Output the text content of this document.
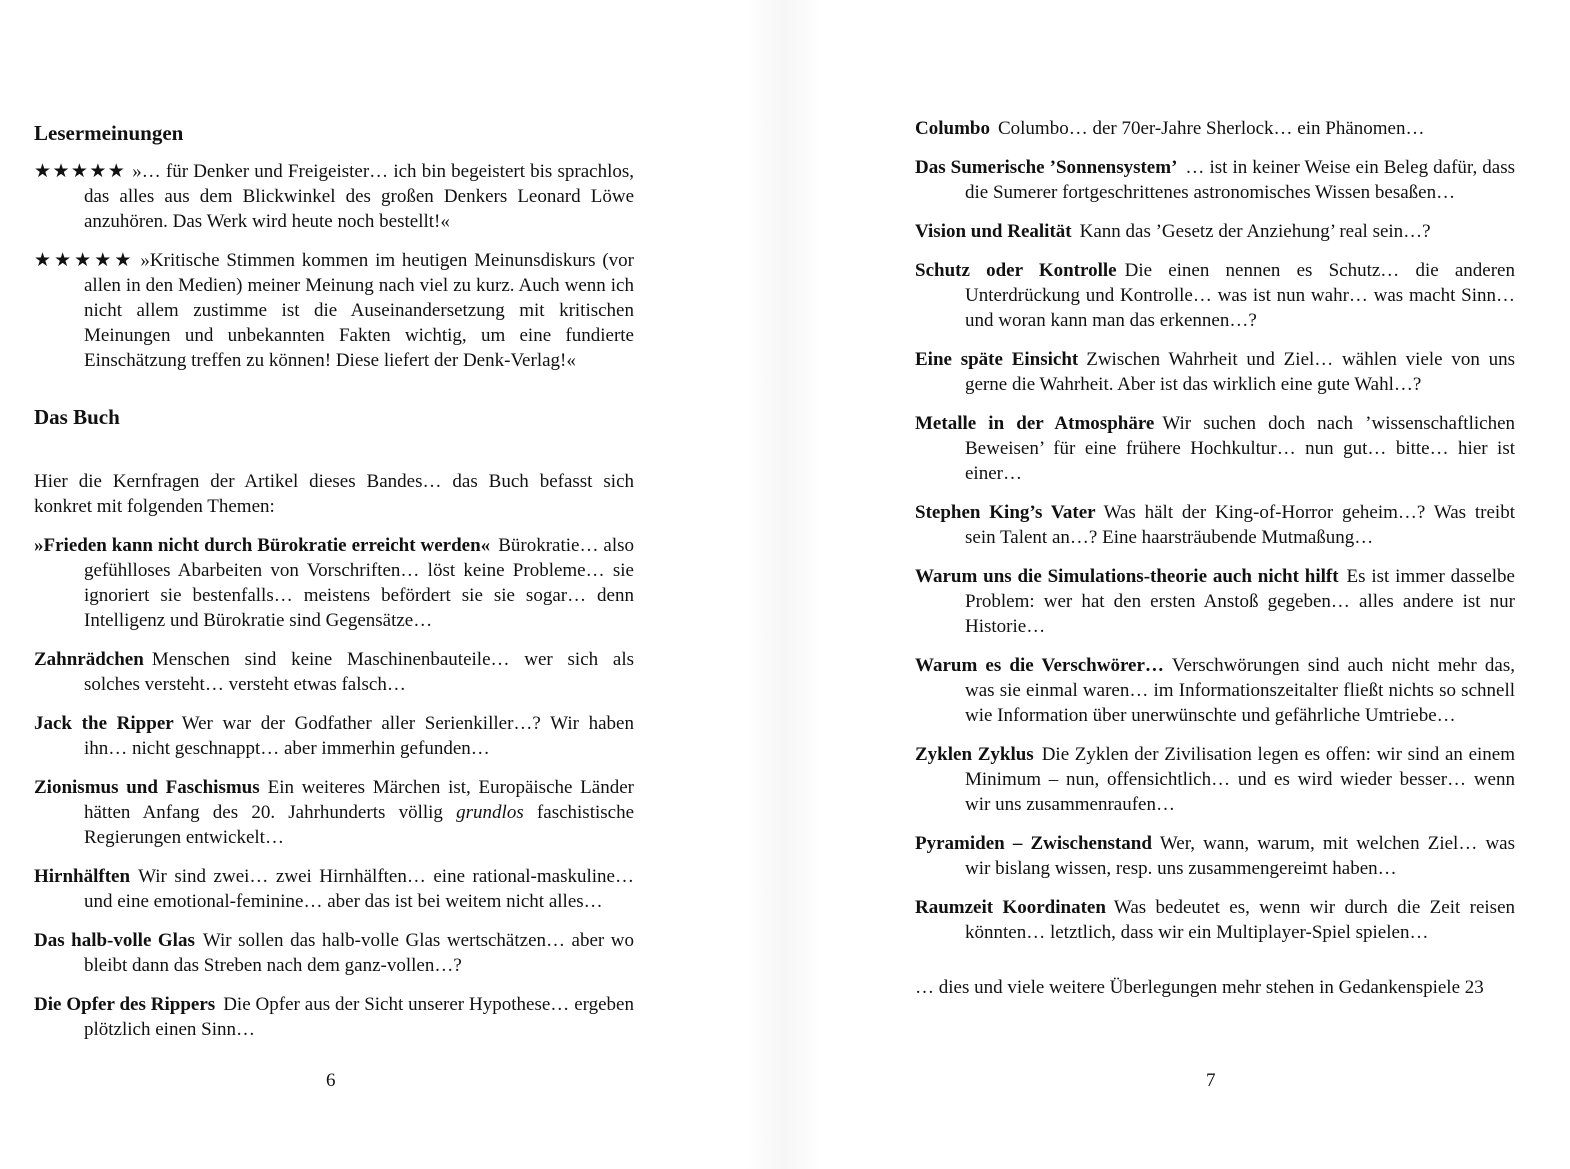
Lesermeinungen

★★★★★ »… für Denker und Freigeister… ich bin begeistert bis sprachlos, das alles aus dem Blickwinkel des großen Denkers Leonard Löwe anzuhören. Das Werk wird heute noch bestellt!«

★★★★★ »Kritische Stimmen kommen im heutigen Meinunsdiskurs (vor allen in den Medien) meiner Meinung nach viel zu kurz. Auch wenn ich nicht allem zustimme ist die Auseinandersetzung mit kritischen Meinungen und unbekannten Fakten wichtig, um eine fundierte Einschätzung treffen zu können! Diese liefert der Denk-Verlag!«

Das Buch

Hier die Kernfragen der Artikel dieses Bandes… das Buch befasst sich konkret mit folgenden Themen:

»Frieden kann nicht durch Bürokratie erreicht werden« Bürokratie… also gefühlloses Abarbeiten von Vorschriften… löst keine Probleme… sie ignoriert sie bestenfalls… meistens befördert sie sie sogar… denn Intelligenz und Bürokratie sind Gegensätze…

Zahnrädchen Menschen sind keine Maschinenbauteile… wer sich als solches versteht… versteht etwas falsch…

Jack the Ripper Wer war der Godfather aller Serienkiller…? Wir haben ihn… nicht geschnappt… aber immerhin gefunden…

Zionismus und Faschismus Ein weiteres Märchen ist, Europäische Länder hätten Anfang des 20. Jahrhunderts völlig grundlos faschistische Regierungen entwickelt…

Hirnhälften Wir sind zwei… zwei Hirnhälften… eine rational-maskuline… und eine emotional-feminine… aber das ist bei weitem nicht alles…

Das halb-volle Glas Wir sollen das halb-volle Glas wertschätzen… aber wo bleibt dann das Streben nach dem ganz-vollen…?

Die Opfer des Rippers Die Opfer aus der Sicht unserer Hypothese… ergeben plötzlich einen Sinn…

6

Columbo Columbo… der 70er-Jahre Sherlock… ein Phänomen…

Das Sumerische ’Sonnensystem’ … ist in keiner Weise ein Beleg dafür, dass die Sumerer fortgeschrittenes astronomisches Wissen besaßen…

Vision und Realität Kann das ’Gesetz der Anziehung’ real sein…?

Schutz oder Kontrolle Die einen nennen es Schutz… die anderen Unterdrückung und Kontrolle… was ist nun wahr… was macht Sinn… und woran kann man das erkennen…?

Eine späte Einsicht Zwischen Wahrheit und Ziel… wählen viele von uns gerne die Wahrheit. Aber ist das wirklich eine gute Wahl…?

Metalle in der Atmosphäre Wir suchen doch nach ’wissenschaftlichen Beweisen’ für eine frühere Hochkultur… nun gut… bitte… hier ist einer…

Stephen King’s Vater Was hält der King-of-Horror geheim…? Was treibt sein Talent an…? Eine haarsträubende Mutmaßung…

Warum uns die Simulations-theorie auch nicht hilft Es ist immer dasselbe Problem: wer hat den ersten Anstoß gegeben… alles andere ist nur Historie…

Warum es die Verschwörer… Verschwörungen sind auch nicht mehr das, was sie einmal waren… im Informationszeitalter fließt nichts so schnell wie Information über unerwünschte und gefährliche Umtriebe…

Zyklen Zyklus Die Zyklen der Zivilisation legen es offen: wir sind an einem Minimum – nun, offensichtlich… und es wird wieder besser… wenn wir uns zusammenraufen…

Pyramiden – Zwischenstand Wer, wann, warum, mit welchen Ziel… was wir bislang wissen, resp. uns zusammengereimt haben…

Raumzeit Koordinaten Was bedeutet es, wenn wir durch die Zeit reisen könnten… letztlich, dass wir ein Multiplayer-Spiel spielen…

… dies und viele weitere Überlegungen mehr stehen in Gedankenspiele 23

7
